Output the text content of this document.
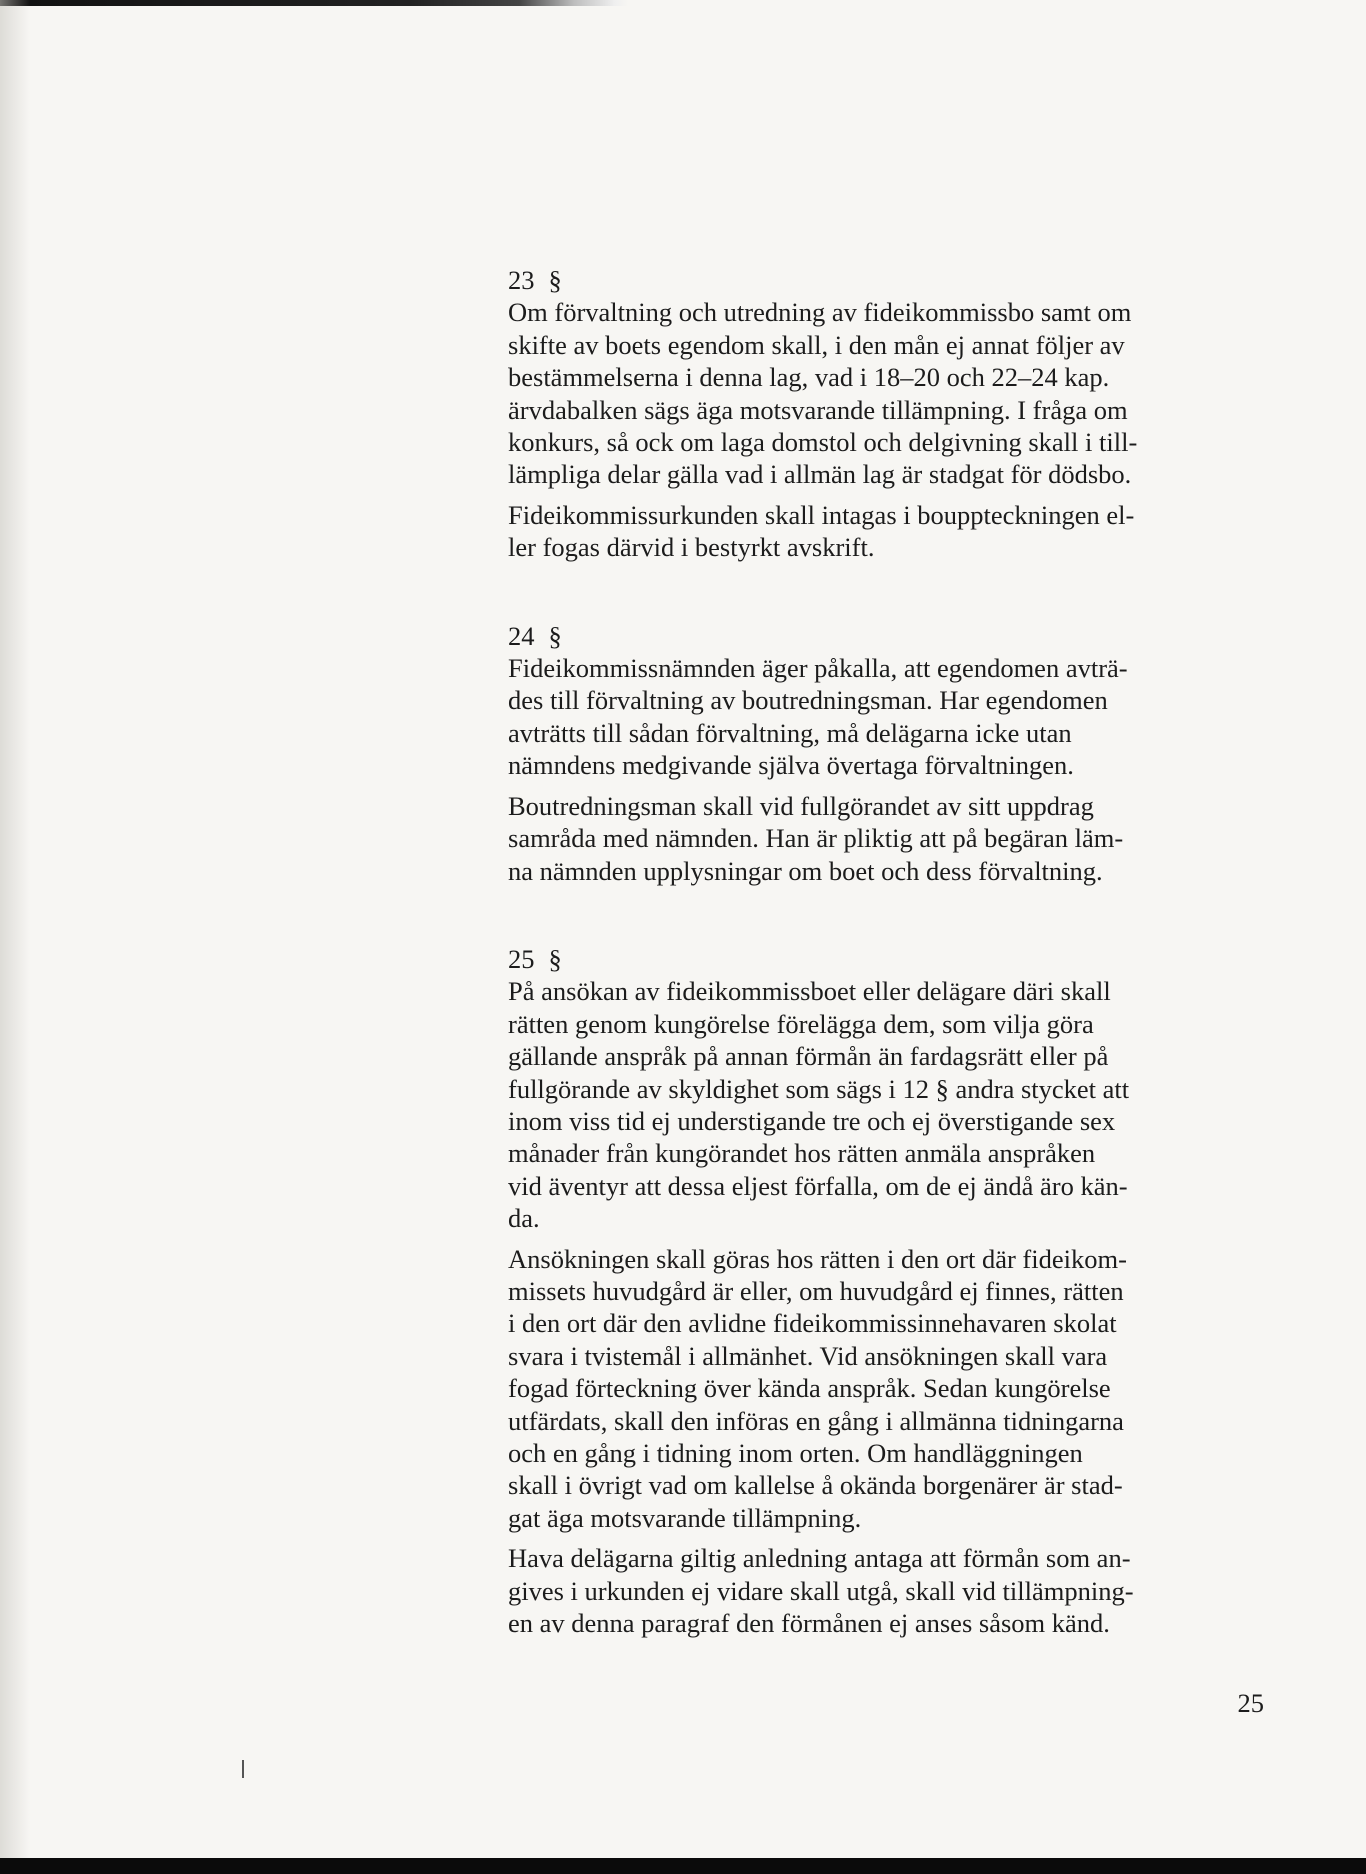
23 §

Om förvaltning och utredning av fideikommissbo samt om
skifte av boets egendom skall, i den mån ej annat följer av
bestämmelserna i denna lag, vad i 18–20 och 22–24 kap.
ärvdabalken sägs äga motsvarande tillämpning. I fråga om
konkurs, så ock om laga domstol och delgivning skall i till-
lämpliga delar gälla vad i allmän lag är stadgat för dödsbo.

Fideikommissurkunden skall intagas i bouppteckningen el-
ler fogas därvid i bestyrkt avskrift.

24 §

Fideikommissnämnden äger påkalla, att egendomen avträ-
des till förvaltning av boutredningsman. Har egendomen
avträtts till sådan förvaltning, må delägarna icke utan
nämndens medgivande själva övertaga förvaltningen.

Boutredningsman skall vid fullgörandet av sitt uppdrag
samråda med nämnden. Han är pliktig att på begäran läm-
na nämnden upplysningar om boet och dess förvaltning.

25 §

På ansökan av fideikommissboet eller delägare däri skall
rätten genom kungörelse förelägga dem, som vilja göra
gällande anspråk på annan förmån än fardagsrätt eller på
fullgörande av skyldighet som sägs i 12 § andra stycket att
inom viss tid ej understigande tre och ej överstigande sex
månader från kungörandet hos rätten anmäla anspråken
vid äventyr att dessa eljest förfalla, om de ej ändå äro kän-
da.

Ansökningen skall göras hos rätten i den ort där fideikom-
missets huvudgård är eller, om huvudgård ej finnes, rätten
i den ort där den avlidne fideikommissinnehavaren skolat
svara i tvistemål i allmänhet. Vid ansökningen skall vara
fogad förteckning över kända anspråk. Sedan kungörelse
utfärdats, skall den införas en gång i allmänna tidningarna
och en gång i tidning inom orten. Om handläggningen
skall i övrigt vad om kallelse å okända borgenärer är stad-
gat äga motsvarande tillämpning.

Hava delägarna giltig anledning antaga att förmån som an-
gives i urkunden ej vidare skall utgå, skall vid tillämpning-
en av denna paragraf den förmånen ej anses såsom känd.

25
